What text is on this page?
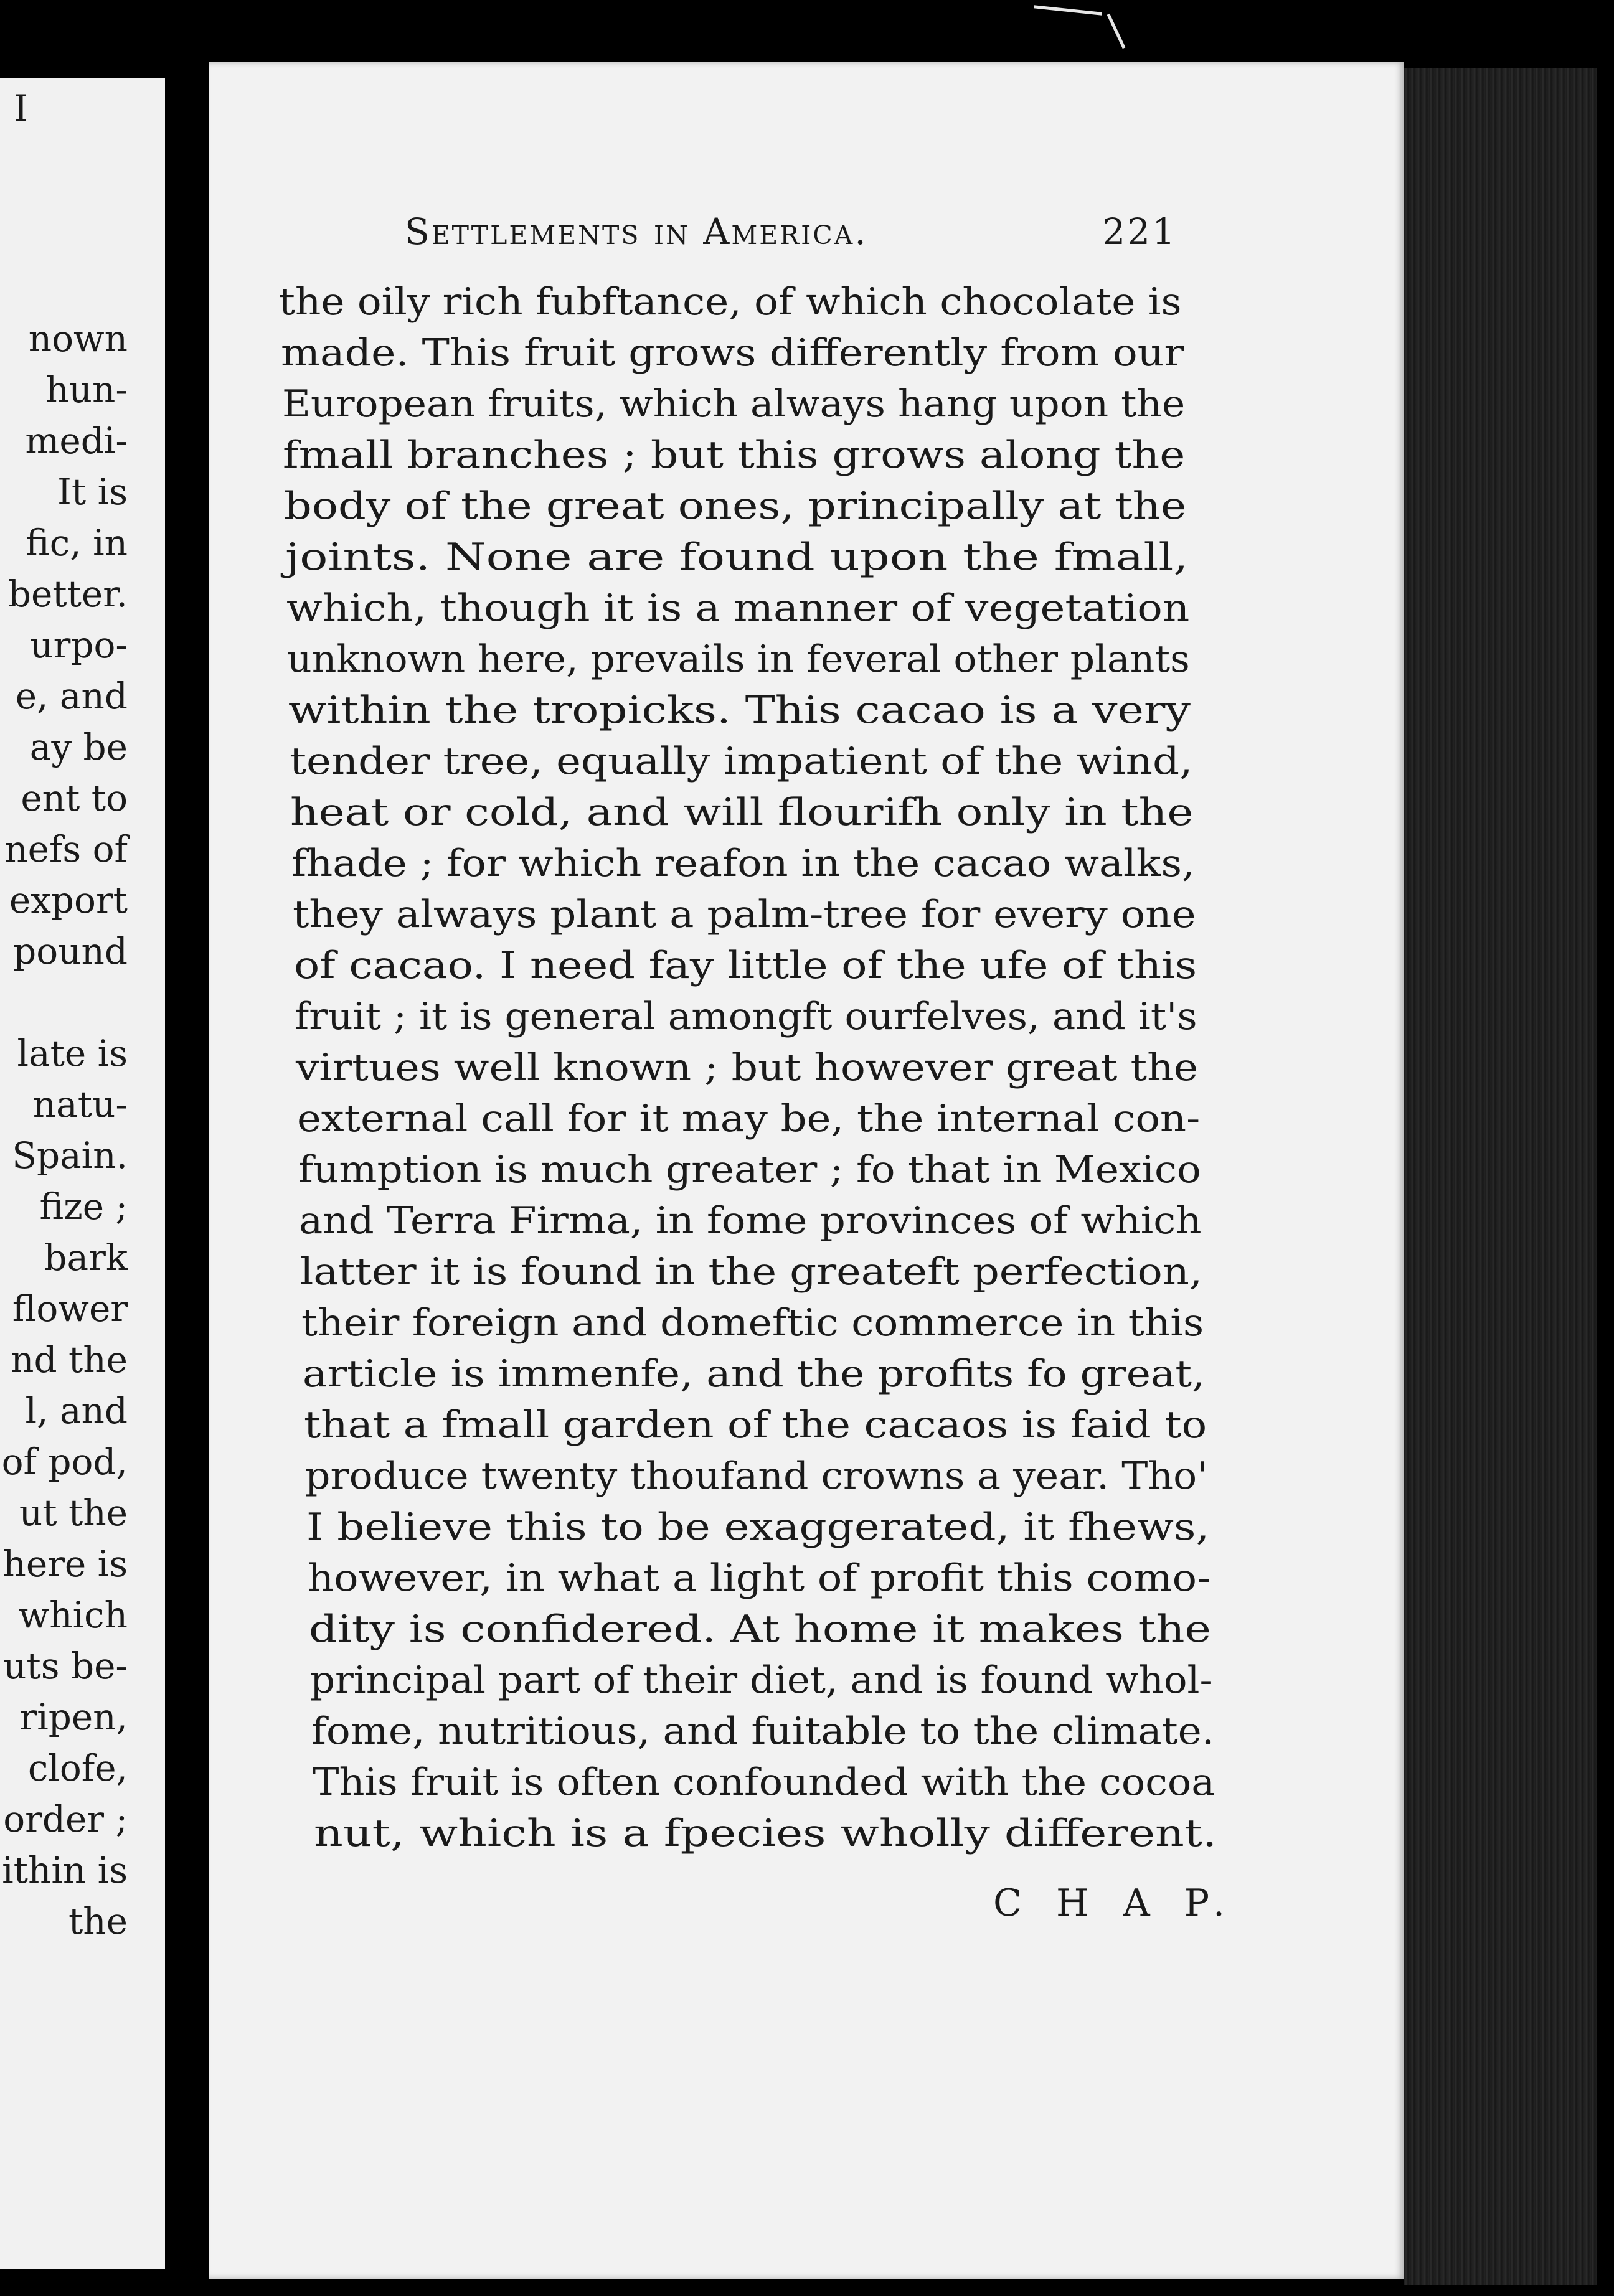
I
nown
hun-
medi-
It is
fic, in
better.
urpo-
e, and
ay be
ent to
nefs of
export
pound
late is
natu-
Spain.
fize ;
bark
flower
nd the
l, and
of pod,
ut the
here is
which
uts be-
ripen,
clofe,
order ;
ithin is
the
Settlements in America.	221
the oily rich fubftance, of which chocolate is
made. This fruit grows differently from our
European fruits, which always hang upon the
fmall branches ; but this grows along the
body of the great ones, principally at the
joints. None are found upon the fmall,
which, though it is a manner of vegetation
unknown here, prevails in feveral other plants
within the tropicks. This cacao is a very
tender tree, equally impatient of the wind,
heat or cold, and will flourifh only in the
fhade ; for which reafon in the cacao walks,
they always plant a palm-tree for every one
of cacao. I need fay little of the ufe of this
fruit ; it is general amongft ourfelves, and it's
virtues well known ; but however great the
external call for it may be, the internal con-
fumption is much greater ; fo that in Mexico
and Terra Firma, in fome provinces of which
latter it is found in the greateft perfection,
their foreign and domeftic commerce in this
article is immenfe, and the profits fo great,
that a fmall garden of the cacaos is faid to
produce twenty thoufand crowns a year. Tho'
I believe this to be exaggerated, it fhews,
however, in what a light of profit this como-
dity is confidered. At home it makes the
principal part of their diet, and is found whol-
fome, nutritious, and fuitable to the climate.
This fruit is often confounded with the cocoa
nut, which is a fpecies wholly different.
C H A P.
